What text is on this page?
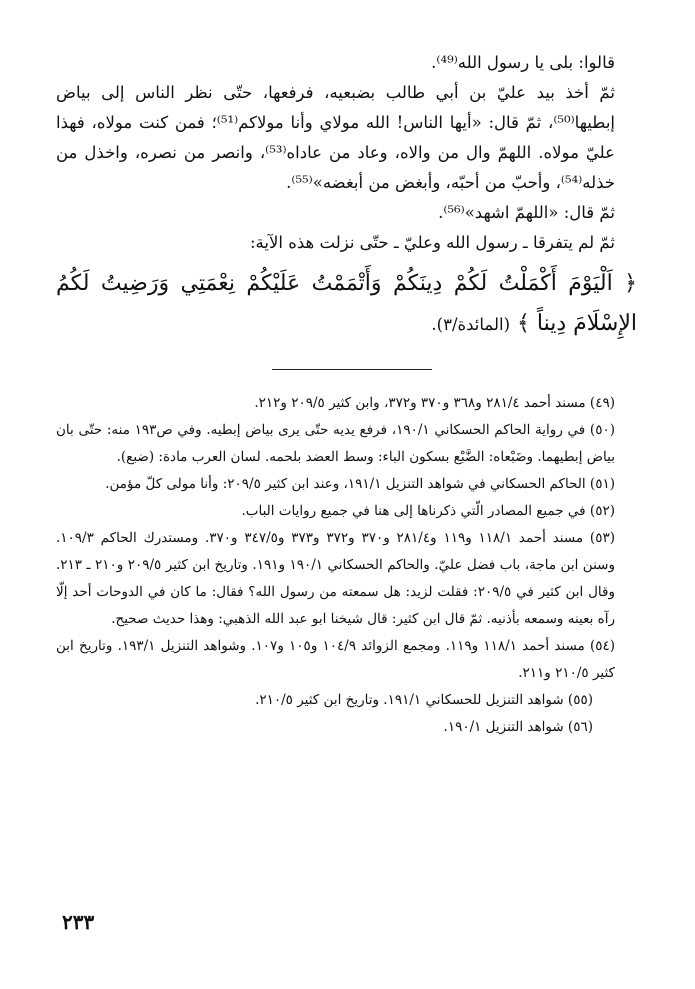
قالوا: بلى يا رسول الله⁽⁴⁹⁾.

ثمّ أخذ بيد عليّ بن أبي طالب بضبعيه، فرفعها، حتّى نظر الناس إلى بياض إبطيها⁽⁵⁰⁾، ثمّ قال: «أيها الناس! الله مولاي وأنا مولاكم⁽⁵¹⁾؛ فمن كنت مولاه، فهذا عليّ مولاه. اللهمّ وال من والاه، وعاد من عاداه⁽⁵³⁾، وانصر من نصره، واخذل من خذله⁽⁵⁴⁾، وأحبّ من أحبّه، وأبغض من أبغضه»⁽⁵⁵⁾.

ثمّ قال: «اللهمّ اشهد»⁽⁵⁶⁾.

ثمّ لم يتفرقا ـ رسول الله وعليّ ـ حتّى نزلت هذه الآية:

﴿ اَلْيَوْمَ أَكْمَلْتُ لَكُمْ دِينَكُمْ وَأَتْمَمْتُ عَلَيْكُمْ نِعْمَتِي وَرَضِيتُ لَكُمُ الإِسْلَامَ دِيناً ﴾ (المائدة/٣).

(٤٩) مسند أحمد ٢٨١/٤ و٣٦٨ و٣٧٠ و٣٧٢، وابن كثير ٢٠٩/٥ و٢١٢.

(٥٠) في رواية الحاكم الحسكاني ١٩٠/١، فرفع يديه حتّى يرى بياض إبطيه. وفي ص١٩٣ منه: حتّى بان بياض إبطيهما. وضَبْعاه: الضَّبْع بسكون الباء: وسط العضد بلحمه. لسان العرب مادة: (ضبع).

(٥١) الحاكم الحسكاني في شواهد التنزيل ١٩١/١، وعند ابن كثير ٢٠٩/٥: وأنا مولى كلّ مؤمن.

(٥٢) في جميع المصادر الّتي ذكرناها إلى هنا في جميع روايات الباب.

(٥٣) مسند أحمد ١١٨/١ و١١٩ و٢٨١/٤ و٣٧٠ و٣٧٢ و٣٧٣ و٣٤٧/٥ و٣٧٠. ومستدرك الحاكم ١٠٩/٣. وسنن ابن ماجة، باب فضل عليّ. والحاكم الحسكاني ١٩٠/١ و١٩١. وتاريخ ابن كثير ٢٠٩/٥ و٢١٠ ـ ٢١٣. وقال ابن كثير في ٢٠٩/٥: فقلت لزيد: هل سمعته من رسول الله؟ فقال: ما كان في الدوحات أحد إلّا رآه بعينه وسمعه بأذنيه. ثمّ قال ابن كثير: قال شيخنا ابو عبد الله الذهبي: وهذا حديث صحيح.

(٥٤) مسند أحمد ١١٨/١ و١١٩. ومجمع الزوائد ١٠٤/٩ و١٠٥ و١٠٧. وشواهد التنزيل ١٩٣/١. وتاريخ ابن كثير ٢١٠/٥ و٢١١.

(٥٥) شواهد التنزيل للحسكاني ١٩١/١. وتاريخ ابن كثير ٢١٠/٥.

(٥٦) شواهد التنزيل ١٩٠/١.

٢٣٣
